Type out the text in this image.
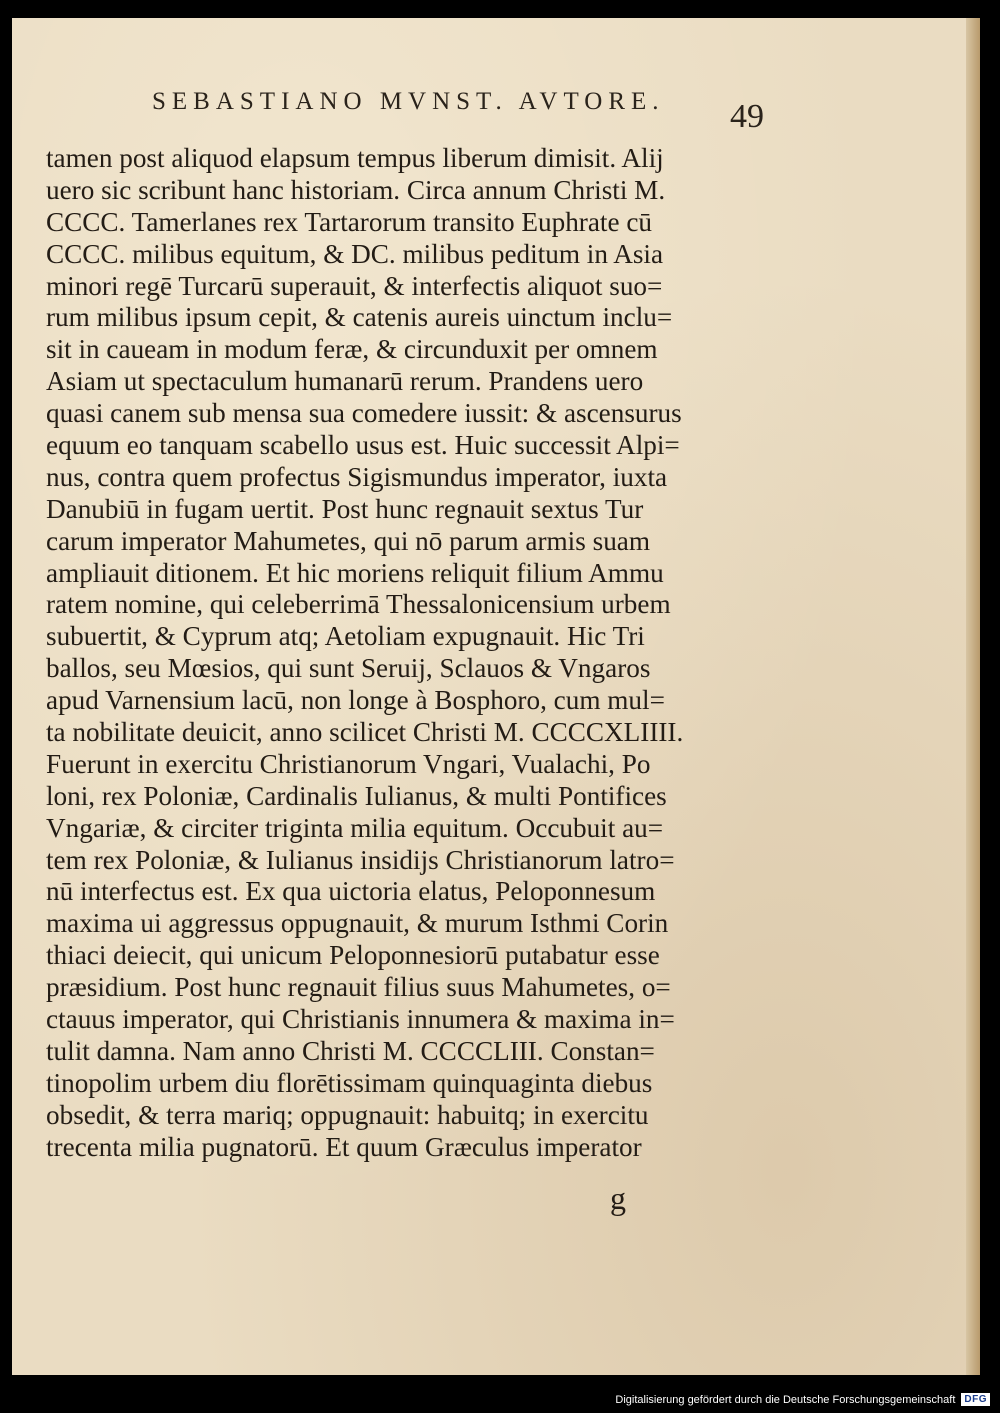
SEBASTIANO MVNST. AVTORE.	49
tamen post aliquod elapsum tempus liberum dimisit. Alij
uero sic scribunt hanc historiam. Circa annum Christi M.
CCCC. Tamerlanes rex Tartarorum transito Euphrate cū
CCCC. milibus equitum, & DC. milibus peditum in Asia
minori regē Turcarū superauit, & interfectis aliquot suo=
rum milibus ipsum cepit, & catenis aureis uinctum inclu=
sit in caueam in modum feræ, & circunduxit per omnem
Asiam ut spectaculum humanarū rerum. Prandens uero
quasi canem sub mensa sua comedere iussit: & ascensurus
equum eo tanquam scabello usus est. Huic successit Alpi=
nus, contra quem profectus Sigismundus imperator, iuxta
Danubiū in fugam uertit. Post hunc regnauit sextus Tur
carum imperator Mahumetes, qui nō parum armis suam
ampliauit ditionem. Et hic moriens reliquit filium Ammu
ratem nomine, qui celeberrimā Thessalonicensium urbem
subuertit, & Cyprum atq; Aetoliam expugnauit. Hic Tri
ballos, seu Mœsios, qui sunt Seruij, Sclauos & Vngaros
apud Varnensium lacū, non longe à Bosphoro, cum mul=
ta nobilitate deuicit, anno scilicet Christi M. CCCCXLIIII.
Fuerunt in exercitu Christianorum Vngari, Vualachi, Po
loni, rex Poloniæ, Cardinalis Iulianus, & multi Pontifices
Vngariæ, & circiter triginta milia equitum. Occubuit au=
tem rex Poloniæ, & Iulianus insidijs Christianorum latro=
nū interfectus est. Ex qua uictoria elatus, Peloponnesum
maxima ui aggressus oppugnauit, & murum Isthmi Corin
thiaci deiecit, qui unicum Peloponnesiorū putabatur esse
præsidium. Post hunc regnauit filius suus Mahumetes, o=
ctauus imperator, qui Christianis innumera & maxima in=
tulit damna. Nam anno Christi M. CCCCLIII. Constan=
tinopolim urbem diu florētissimam quinquaginta diebus
obsedit, & terra mariq; oppugnauit: habuitq; in exercitu
trecenta milia pugnatorū. Et quum Græculus imperator
g
Digitalisierung gefördert durch die Deutsche Forschungsgemeinschaft DFG
